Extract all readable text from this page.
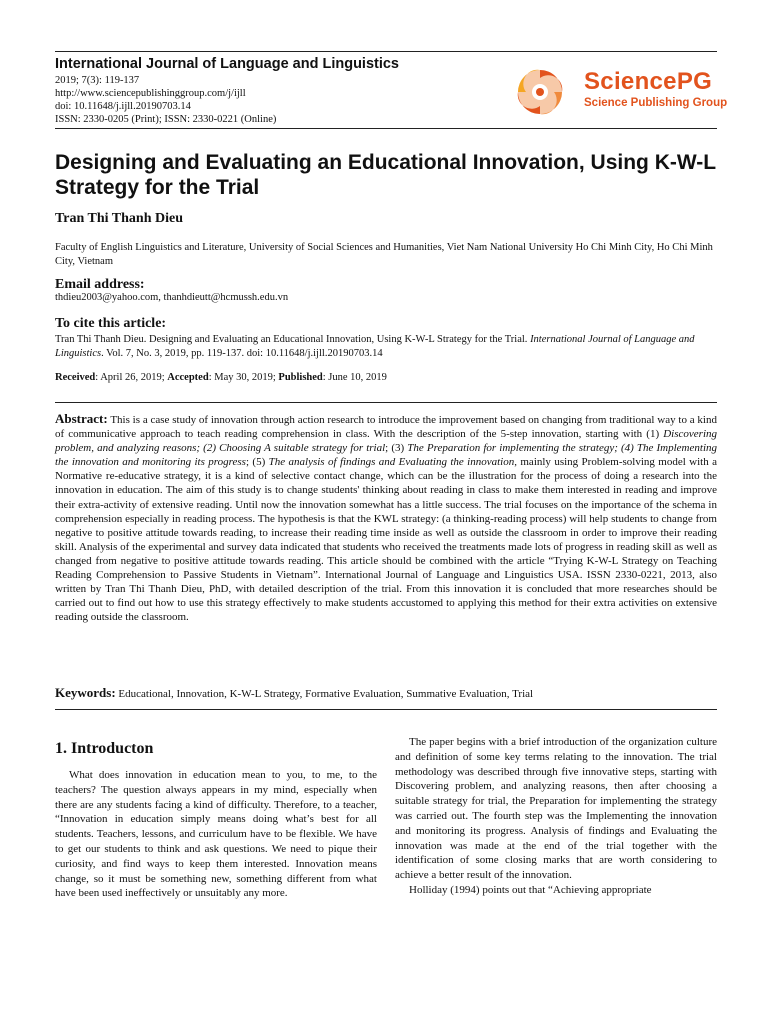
International Journal of Language and Linguistics
2019; 7(3): 119-137
http://www.sciencepublishinggroup.com/j/ijll
doi: 10.11648/j.ijll.20190703.14
ISSN: 2330-0205 (Print); ISSN: 2330-0221 (Online)
SciencePG
Science Publishing Group
Designing and Evaluating an Educational Innovation, Using K-W-L Strategy for the Trial
Tran Thi Thanh Dieu
Faculty of English Linguistics and Literature, University of Social Sciences and Humanities, Viet Nam National University Ho Chi Minh City, Ho Chi Minh City, Vietnam
Email address:
thdieu2003@yahoo.com, thanhdieutt@hcmussh.edu.vn
To cite this article:
Tran Thi Thanh Dieu. Designing and Evaluating an Educational Innovation, Using K-W-L Strategy for the Trial. International Journal of Language and Linguistics. Vol. 7, No. 3, 2019, pp. 119-137. doi: 10.11648/j.ijll.20190703.14
Received: April 26, 2019; Accepted: May 30, 2019; Published: June 10, 2019

Abstract: This is a case study of innovation through action research to introduce the improvement based on changing from traditional way to a kind of communicative approach to teach reading comprehension in class. With the description of the 5-step innovation, starting with (1) Discovering problem, and analyzing reasons; (2) Choosing A suitable strategy for trial; (3) The Preparation for implementing the strategy; (4) The Implementing the innovation and monitoring its progress; (5) The analysis of findings and Evaluating the innovation, mainly using Problem-solving model with a Normative re-educative strategy, it is a kind of selective contact change, which can be the illustration for the process of doing a research into the innovation in education. The aim of this study is to change students' thinking about reading in class to make them interested in reading and improve their extra-activity of extensive reading. Until now the innovation somewhat has a little success. The trial focuses on the importance of the schema in comprehension especially in reading process. The hypothesis is that the KWL strategy: (a thinking-reading process) will help students to change from negative to positive attitude towards reading, to increase their reading time inside as well as outside the classroom in order to improve their reading skill. Analysis of the experimental and survey data indicated that students who received the treatments made lots of progress in reading skill as well as changed from negative to positive attitude towards reading. This article should be combined with the article “Trying K-W-L Strategy on Teaching Reading Comprehension to Passive Students in Vietnam”. International Journal of Language and Linguistics USA. ISSN 2330-0221, 2013, also written by Tran Thi Thanh Dieu, PhD, with detailed description of the trial. From this innovation it is concluded that more researches should be carried out to find out how to use this strategy effectively to make students accustomed to applying this method for their extra activities on extensive reading outside the classroom.

Keywords: Educational, Innovation, K-W-L Strategy, Formative Evaluation, Summative Evaluation, Trial
1. Introducton

What does innovation in education mean to you, to me, to the teachers? The question always appears in my mind, especially when there are any students facing a kind of difficulty. Therefore, to a teacher, “Innovation in education simply means doing what’s best for all students. Teachers, lessons, and curriculum have to be flexible. We have to get our students to think and ask questions. We need to pique their curiosity, and find ways to keep them interested. Innovation means change, so it must be something new, something different from what have been used ineffectively or unsuitably any more.

The paper begins with a brief introduction of the organization culture and definition of some key terms relating to the innovation. The trial methodology was described through five innovative steps, starting with Discovering problem, and analyzing reasons, then after choosing a suitable strategy for trial, the Preparation for implementing the strategy was carried out. The fourth step was the Implementing the innovation and monitoring its progress. Analysis of findings and Evaluating the innovation was made at the end of the trial together with the identification of some closing marks that are worth considering to achieve a better result of the innovation.

Holliday (1994) points out that “Achieving appropriate
